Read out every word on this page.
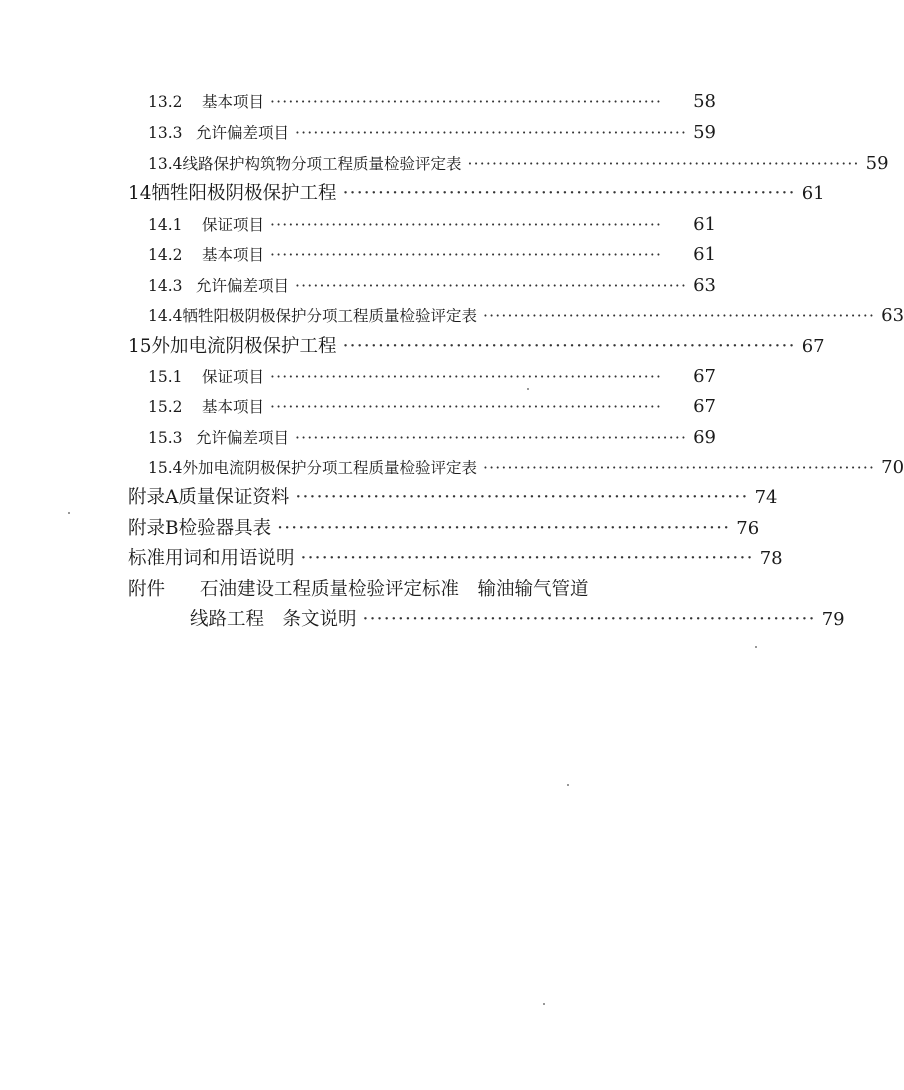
13.2	基本项目 ································································	58
13.3 允许偏差项目 ································································ 59
13.4 线路保护构筑物分项工程质量检验评定表 ································································ 59
14 牺牲阳极阴极保护工程 ································································ 61
14.1	保证项目 ································································	61
14.2	基本项目 ································································	61
14.3 允许偏差项目 ································································ 63
14.4 牺牲阳极阴极保护分项工程质量检验评定表 ································································ 63
15 外加电流阴极保护工程 ································································ 67
15.1	保证项目 ································································	67
15.2	基本项目 ································································	67
15.3 允许偏差项目 ································································ 69
15.4 外加电流阴极保护分项工程质量检验评定表 ································································ 70
附录A 质量保证资料 ································································ 74
附录B 检验器具表 ································································ 76
标准用词和用语说明 ································································ 78
附件	石油建设工程质量检验评定标准　输油输气管道
线路工程　条文说明 ································································ 79
